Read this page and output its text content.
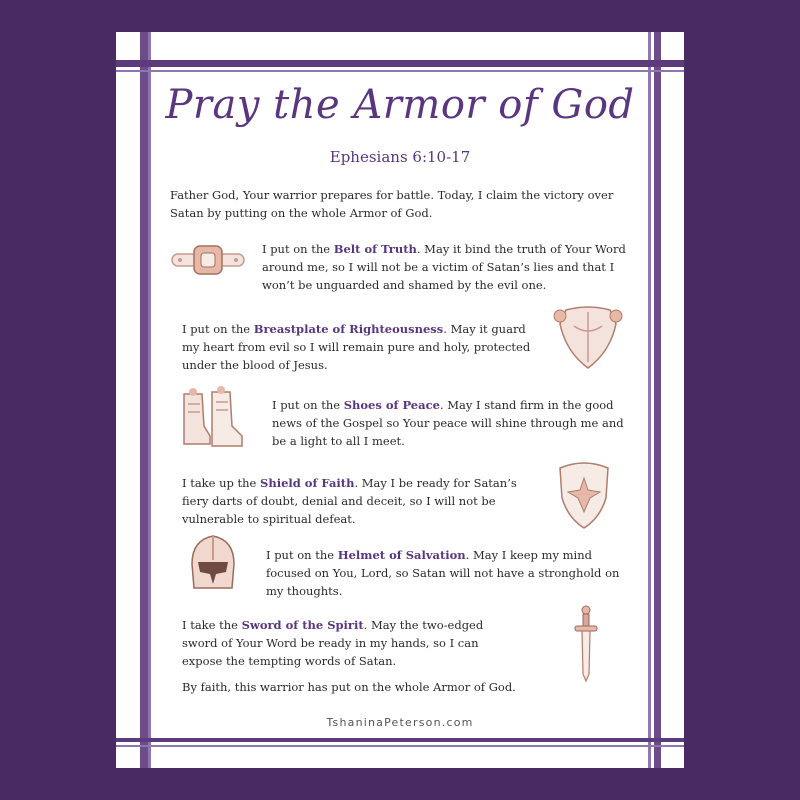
Pray the Armor of God
Ephesians 6:10-17
Father God, Your warrior prepares for battle. Today, I claim the victory over Satan by putting on the whole Armor of God.
I put on the Belt of Truth. May it bind the truth of Your Word around me, so I will not be a victim of Satan’s lies and that I won’t be unguarded and shamed by the evil one.
I put on the Breastplate of Righteousness. May it guard my heart from evil so I will remain pure and holy, protected under the blood of Jesus.
I put on the Shoes of Peace. May I stand firm in the good news of the Gospel so Your peace will shine through me and be a light to all I meet.
I take up the Shield of Faith. May I be ready for Satan’s fiery darts of doubt, denial and deceit, so I will not be vulnerable to spiritual defeat.
I put on the Helmet of Salvation. May I keep my mind focused on You, Lord, so Satan will not have a stronghold on my thoughts.
I take the Sword of the Spirit. May the two-edged sword of Your Word be ready in my hands, so I can expose the tempting words of Satan.
By faith, this warrior has put on the whole Armor of God.
TshaninaPeterson.com
